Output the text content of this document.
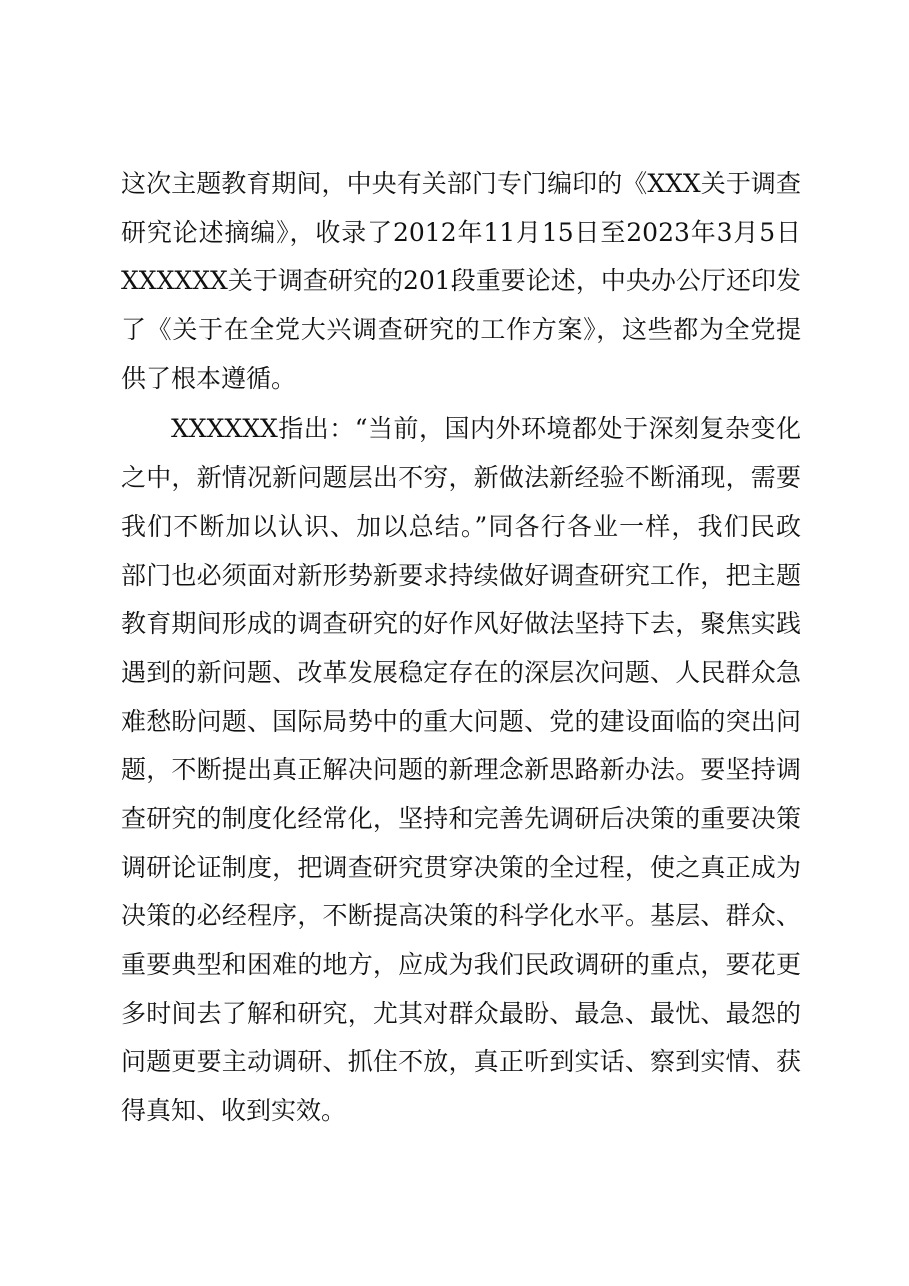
这次主题教育期间，中央有关部门专门编印的《XXX关于调查
研究论述摘编》，收录了2012年11月15日至2023年3月5日
XXXXXX关于调查研究的201段重要论述，中央办公厅还印发
了《关于在全党大兴调查研究的工作方案》，这些都为全党提
供了根本遵循。
XXXXXX指出：“当前，国内外环境都处于深刻复杂变化
之中，新情况新问题层出不穷，新做法新经验不断涌现，需要
我们不断加以认识、加以总结。”同各行各业一样，我们民政
部门也必须面对新形势新要求持续做好调查研究工作，把主题
教育期间形成的调查研究的好作风好做法坚持下去，聚焦实践
遇到的新问题、改革发展稳定存在的深层次问题、人民群众急
难愁盼问题、国际局势中的重大问题、党的建设面临的突出问
题，不断提出真正解决问题的新理念新思路新办法。要坚持调
查研究的制度化经常化，坚持和完善先调研后决策的重要决策
调研论证制度，把调查研究贯穿决策的全过程，使之真正成为
决策的必经程序，不断提高决策的科学化水平。基层、群众、
重要典型和困难的地方，应成为我们民政调研的重点，要花更
多时间去了解和研究，尤其对群众最盼、最急、最忧、最怨的
问题更要主动调研、抓住不放，真正听到实话、察到实情、获
得真知、收到实效。
